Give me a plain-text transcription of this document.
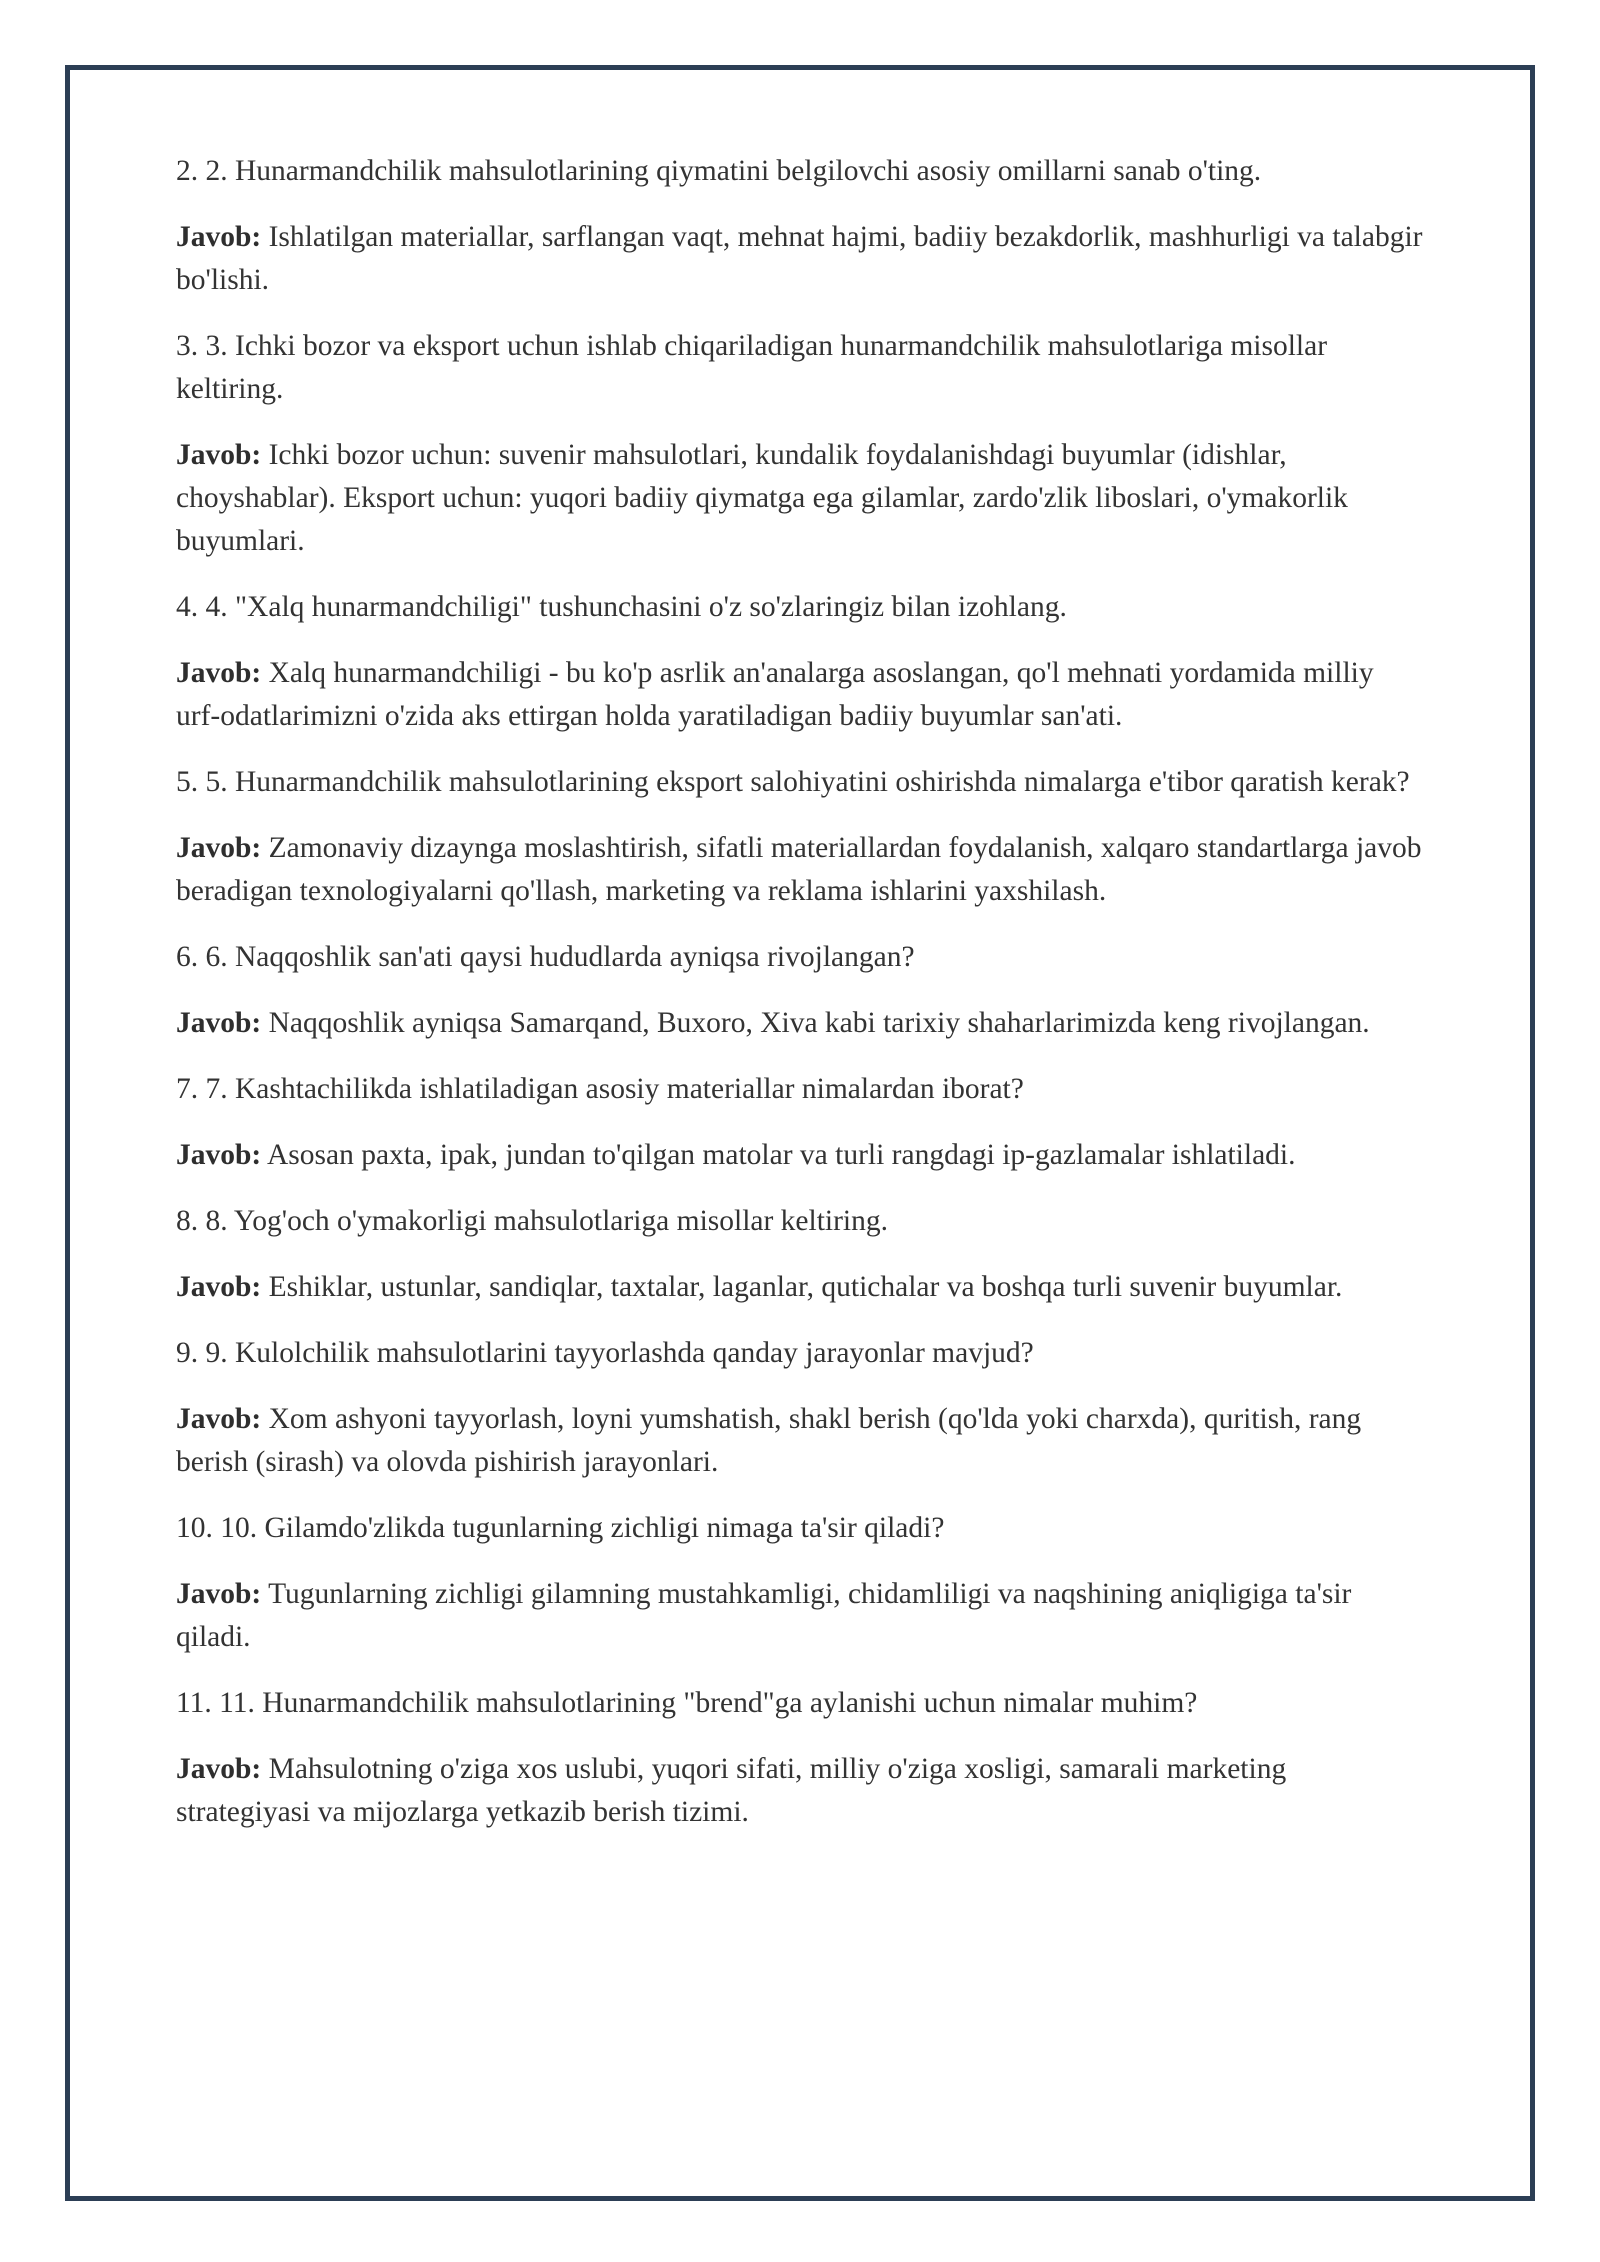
2. 2. Hunarmandchilik mahsulotlarining qiymatini belgilovchi asosiy omillarni sanab o'ting.

Javob: Ishlatilgan materiallar, sarflangan vaqt, mehnat hajmi, badiiy bezakdorlik, mashhurligi va talabgir bo'lishi.

3. 3. Ichki bozor va eksport uchun ishlab chiqariladigan hunarmandchilik mahsulotlariga misollar keltiring.

Javob: Ichki bozor uchun: suvenir mahsulotlari, kundalik foydalanishdagi buyumlar (idishlar, choyshablar). Eksport uchun: yuqori badiiy qiymatga ega gilamlar, zardo'zlik liboslari, o'ymakorlik buyumlari.

4. 4. "Xalq hunarmandchiligi" tushunchasini o'z so'zlaringiz bilan izohlang.

Javob: Xalq hunarmandchiligi - bu ko'p asrlik an'analarga asoslangan, qo'l mehnati yordamida milliy urf-odatlarimizni o'zida aks ettirgan holda yaratiladigan badiiy buyumlar san'ati.

5. 5. Hunarmandchilik mahsulotlarining eksport salohiyatini oshirishda nimalarga e'tibor qaratish kerak?

Javob: Zamonaviy dizaynga moslashtirish, sifatli materiallardan foydalanish, xalqaro standartlarga javob beradigan texnologiyalarni qo'llash, marketing va reklama ishlarini yaxshilash.

6. 6. Naqqoshlik san'ati qaysi hududlarda ayniqsa rivojlangan?

Javob: Naqqoshlik ayniqsa Samarqand, Buxoro, Xiva kabi tarixiy shaharlarimizda keng rivojlangan.

7. 7. Kashtachilikda ishlatiladigan asosiy materiallar nimalardan iborat?

Javob: Asosan paxta, ipak, jundan to'qilgan matolar va turli rangdagi ip-gazlamalar ishlatiladi.

8. 8. Yog'och o'ymakorligi mahsulotlariga misollar keltiring.

Javob: Eshiklar, ustunlar, sandiqlar, taxtalar, laganlar, qutichalar va boshqa turli suvenir buyumlar.

9. 9. Kulolchilik mahsulotlarini tayyorlashda qanday jarayonlar mavjud?

Javob: Xom ashyoni tayyorlash, loyni yumshatish, shakl berish (qo'lda yoki charxda), quritish, rang berish (sirash) va olovda pishirish jarayonlari.

10. 10. Gilamdo'zlikda tugunlarning zichligi nimaga ta'sir qiladi?

Javob: Tugunlarning zichligi gilamning mustahkamligi, chidamliligi va naqshining aniqligiga ta'sir qiladi.

11. 11. Hunarmandchilik mahsulotlarining "brend"ga aylanishi uchun nimalar muhim?

Javob: Mahsulotning o'ziga xos uslubi, yuqori sifati, milliy o'ziga xosligi, samarali marketing strategiyasi va mijozlarga yetkazib berish tizimi.
